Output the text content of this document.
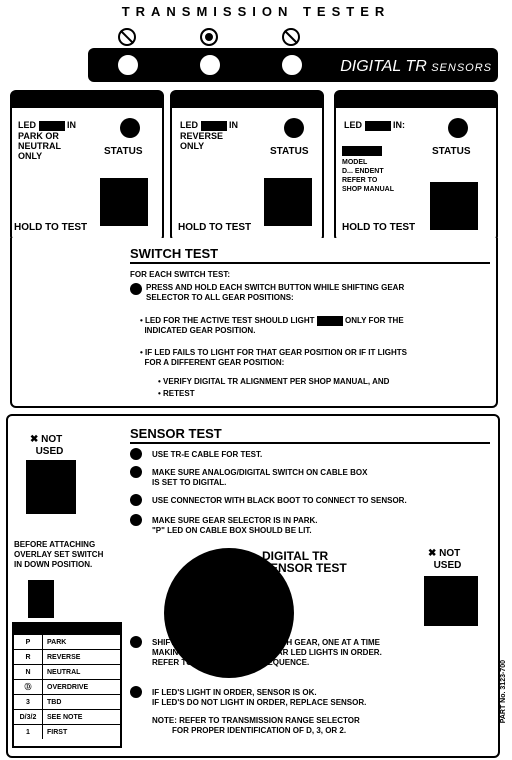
TRANSMISSION TESTER
DIGITAL TR SENSORS
LED	IN
PARK OR
NEUTRAL
ONLY	STATUS
HOLD TO TEST
LED	IN
REVERSE
ONLY
STATUS
HOLD TO TEST
LED	IN:
MODEL
D... ENDENT
REFER TO
SHOP MANUAL
STATUS
HOLD TO TEST
SWITCH TEST
FOR EACH SWITCH TEST:
PRESS AND HOLD EACH SWITCH BUTTON WHILE SHIFTING GEAR
SELECTOR TO ALL GEAR POSITIONS:
• LED FOR THE ACTIVE TEST SHOULD LIGHT	ONLY FOR THE
INDICATED GEAR POSITION.
• IF LED FAILS TO LIGHT FOR THAT GEAR POSITION OR IF IT LIGHTS
FOR A DIFFERENT GEAR POSITION:
• VERIFY DIGITAL TR ALIGNMENT PER SHOP MANUAL, AND
• RETEST
SENSOR TEST
✖ NOT
USED	USE TR-E CABLE FOR TEST.
MAKE SURE ANALOG/DIGITAL SWITCH ON CABLE BOX
IS SET TO DIGITAL.
USE CONNECTOR WITH BLACK BOOT TO CONNECT TO SENSOR.
MAKE SURE GEAR SELECTOR IS IN PARK.
"P" LED ON CABLE BOX SHOULD BE LIT.
BEFORE ATTACHING
OVERLAY SET SWITCH
IN DOWN POSITION.
DIGITAL TR
SENSOR TEST
✖ NOT
USED
P	PARK
R	REVERSE
N	NEUTRAL
Ⓓ	OVERDRIVE
3	TBD
D/3/2	SEE NOTE
1	FIRST
SHIFT GEAR SELECTOR INTO EACH GEAR, ONE AT A TIME
MAKING SURE THE PROPER GEAR LED LIGHTS IN ORDER.
REFER TO CHART FOR LED SEQUENCE.
IF LED'S LIGHT IN ORDER, SENSOR IS OK.
IF LED'S DO NOT LIGHT IN ORDER, REPLACE SENSOR.
NOTE: REFER TO TRANSMISSION RANGE SELECTOR
FOR PROPER IDENTIFICATION OF D, 3, OR 2.
PART No. 3123-700
